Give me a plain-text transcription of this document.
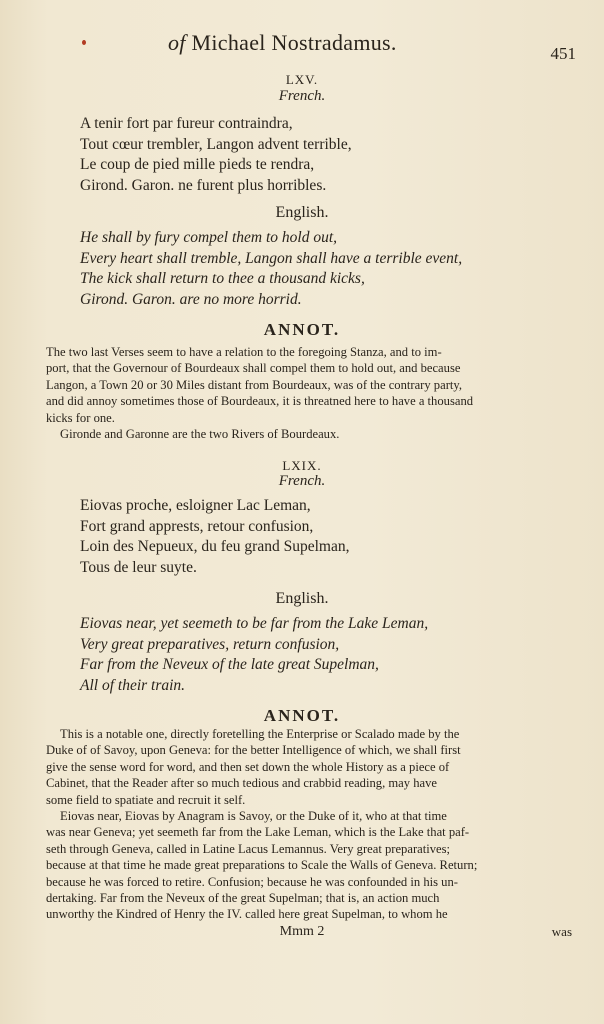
of Michael Nostradamus.	451
LXV.
French.
A tenir fort par fureur contraindra,
Tout cœur trembler, Langon advent terrible,
Le coup de pied mille pieds te rendra,
Girond. Garon. ne furent plus horribles.
English.
He shall by fury compel them to hold out,
Every heart shall tremble, Langon shall have a terrible event,
The kick shall return to thee a thousand kicks,
Girond. Garon. are no more horrid.
ANNOT.
The two last Verses seem to have a relation to the foregoing Stanza, and to im-
port, that the Governour of Bourdeaux shall compel them to hold out, and because
Langon, a Town 20 or 30 Miles distant from Bourdeaux, was of the contrary party,
and did annoy sometimes those of Bourdeaux, it is threatned here to have a thousand
kicks for one.
Gironde and Garonne are the two Rivers of Bourdeaux.
LXIX.
French.
Eiovas proche, esloigner Lac Leman,
Fort grand apprests, retour confusion,
Loin des Nepueux, du feu grand Supelman,
Tous de leur suyte.
English.
Eiovas near, yet seemeth to be far from the Lake Leman,
Very great preparatives, return confusion,
Far from the Neveux of the late great Supelman,
All of their train.
ANNOT.
This is a notable one, directly foretelling the Enterprise or Scalado made by the
Duke of of Savoy, upon Geneva: for the better Intelligence of which, we shall first
give the sense word for word, and then set down the whole History as a piece of
Cabinet, that the Reader after so much tedious and crabbid reading, may have
some field to spatiate and recruit it self.
Eiovas near, Eiovas by Anagram is Savoy, or the Duke of it, who at that time
was near Geneva; yet seemeth far from the Lake Leman, which is the Lake that paf-
seth through Geneva, called in Latine Lacus Lemannus. Very great preparatives;
because at that time he made great preparations to Scale the Walls of Geneva. Return;
because he was forced to retire. Confusion; because he was confounded in his un-
dertaking. Far from the Neveux of the great Supelman; that is, an action much
unworthy the Kindred of Henry the IV. called here great Supelman, to whom he
Mmm 2	was
